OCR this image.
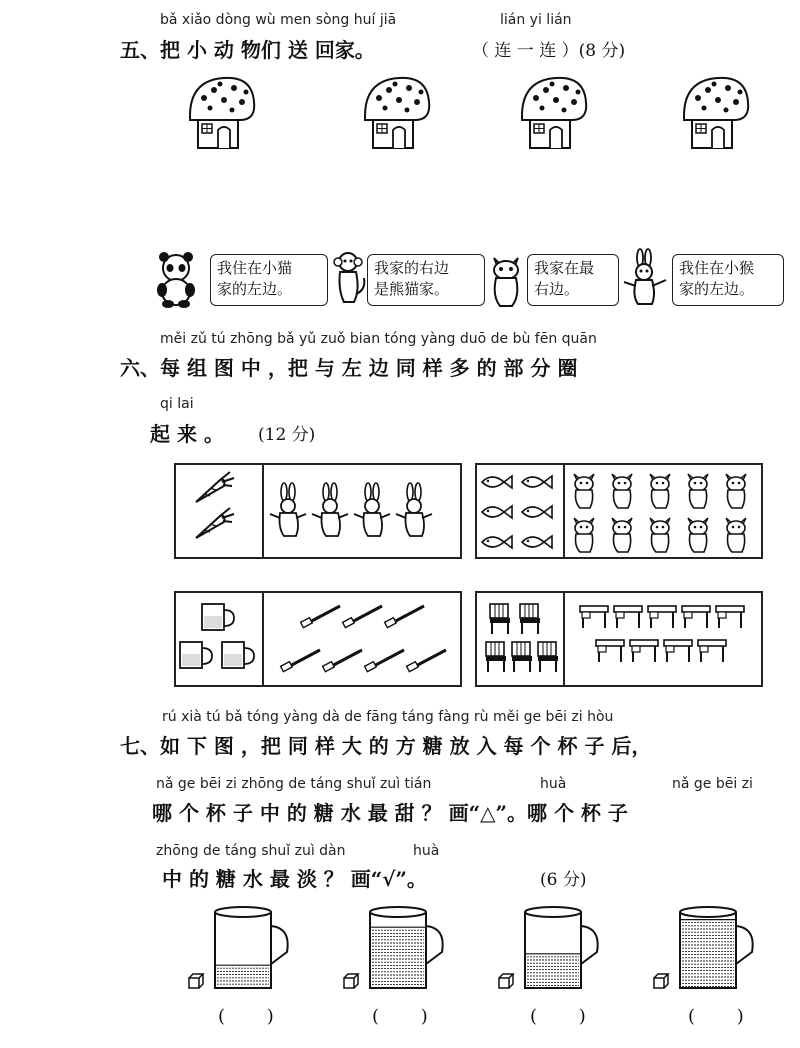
bǎ xiǎo dòng wù men sòng huí jiā	lián yi lián
五、把 小 动 物们 送 回家。	（ 连 一 连 ）(8 分)
我住在小猫
家的左边。
我家的右边
是熊猫家。
我家在最
右边。
我住在小猴
家的左边。
měi zǔ tú zhōng bǎ yǔ zuǒ bian tóng yàng duō de bù fēn quān
六、每 组 图 中 ，把 与 左 边 同 样 多 的 部 分 圈
qi lai
起 来 。 (12 分)
rú xià tú bǎ tóng yàng dà de fāng táng fàng rù měi ge bēi zi hòu
七、如 下 图 ，把 同 样 大 的 方 糖 放 入 每 个 杯 子 后，
nǎ ge bēi zi zhōng de táng shuǐ zuì tián	huà	nǎ ge bēi zi
哪 个 杯 子 中 的 糖 水 最 甜 ？ 画“△”。哪 个 杯 子
zhōng de táng shuǐ zuì dàn	huà
中 的 糖 水 最 淡 ？ 画“√”。	(6 分)
( )	( )	( )	( )
